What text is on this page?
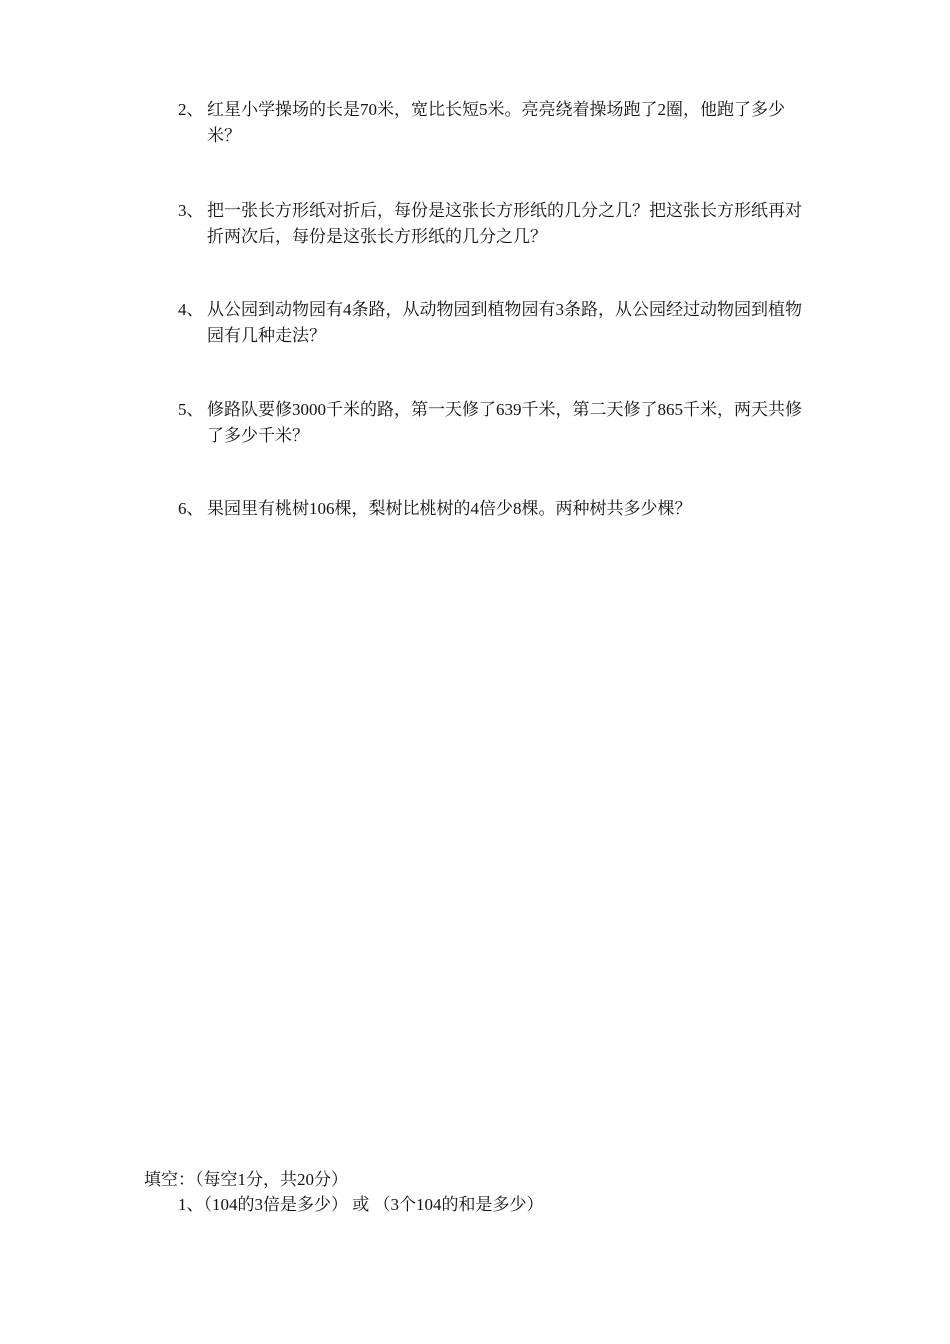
2、 红星小学操场的长是70米，宽比长短5米。亮亮绕着操场跑了2圈，他跑了多少米？
3、 把一张长方形纸对折后，每份是这张长方形纸的几分之几？把这张长方形纸再对折两次后，每份是这张长方形纸的几分之几？
4、 从公园到动物园有4条路，从动物园到植物园有3条路，从公园经过动物园到植物园有几种走法？
5、 修路队要修3000千米的路，第一天修了639千米，第二天修了865千米，两天共修了多少千米？
6、 果园里有桃树106棵，梨树比桃树的4倍少8棵。两种树共多少棵？
填空：（每空1分，共20分）
1、（104的3倍是多少） 或 （3个104的和是多少）
